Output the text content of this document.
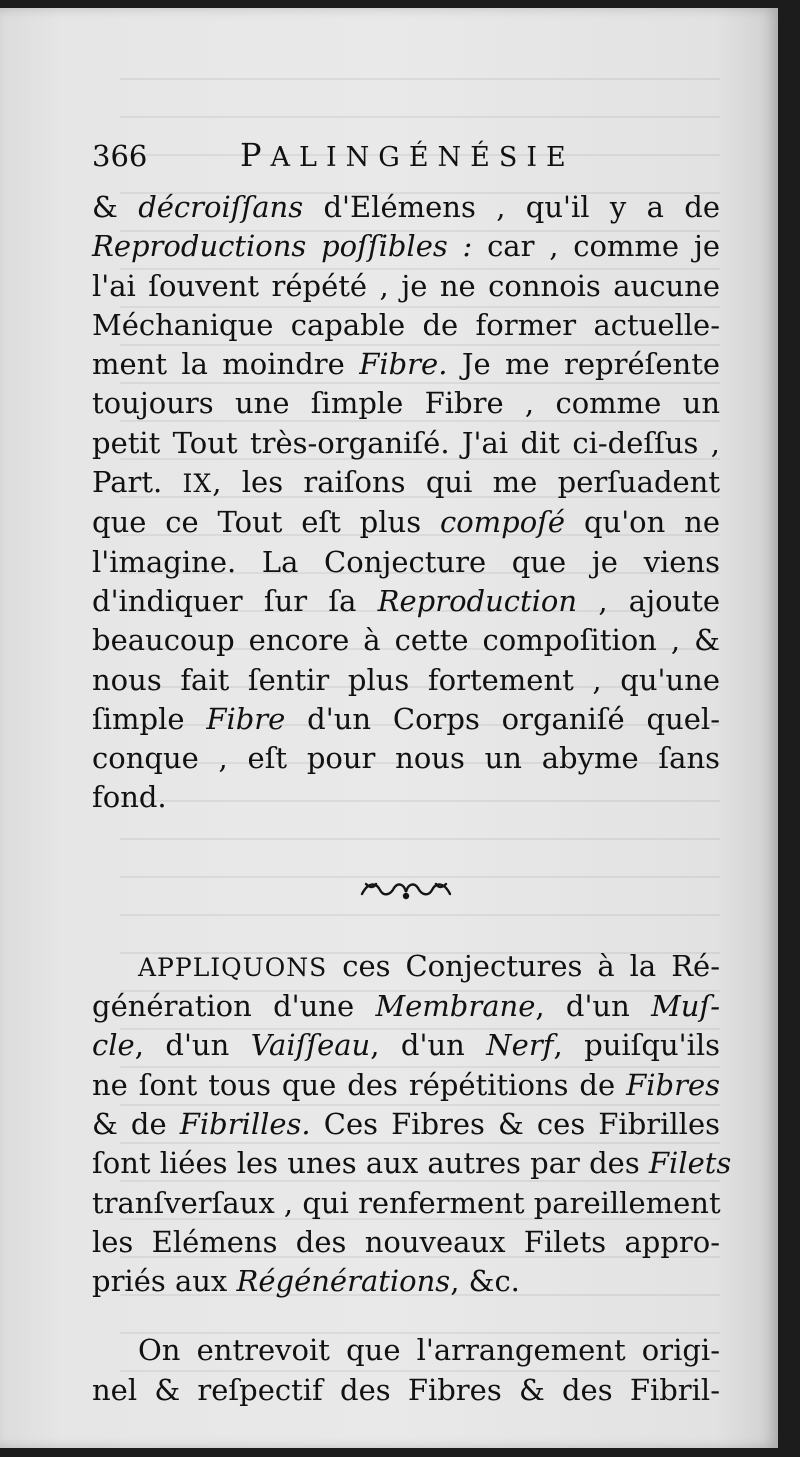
366	PALINGÉNÉSIE
& décroiſſans d'Elémens , qu'il y a de
Reproductions poſſibles : car , comme je
l'ai ſouvent répété , je ne connois aucune
Méchanique capable de former actuelle-
ment la moindre Fibre. Je me repréſente
toujours une ſimple Fibre , comme un
petit Tout très-organiſé. J'ai dit ci-deſſus ,
Part. IX, les raiſons qui me perſuadent
que ce Tout eſt plus compoſé qu'on ne
l'imagine. La Conjecture que je viens
d'indiquer ſur ſa Reproduction , ajoute
beaucoup encore à cette compoſition , &
nous fait ſentir plus fortement , qu'une
ſimple Fibre d'un Corps organiſé quel-
conque , eſt pour nous un abyme ſans
fond.
APPLIQUONS ces Conjectures à la Ré-
génération d'une Membrane, d'un Muſ-
cle, d'un Vaiſſeau, d'un Nerf, puiſqu'ils
ne ſont tous que des répétitions de Fibres
& de Fibrilles. Ces Fibres & ces Fibrilles
ſont liées les unes aux autres par des Filets
tranſverſaux , qui renferment pareillement
les Elémens des nouveaux Filets appro-
priés aux Régénérations, &c.
On entrevoit que l'arrangement origi-
nel & reſpectif des Fibres & des Fibril-
